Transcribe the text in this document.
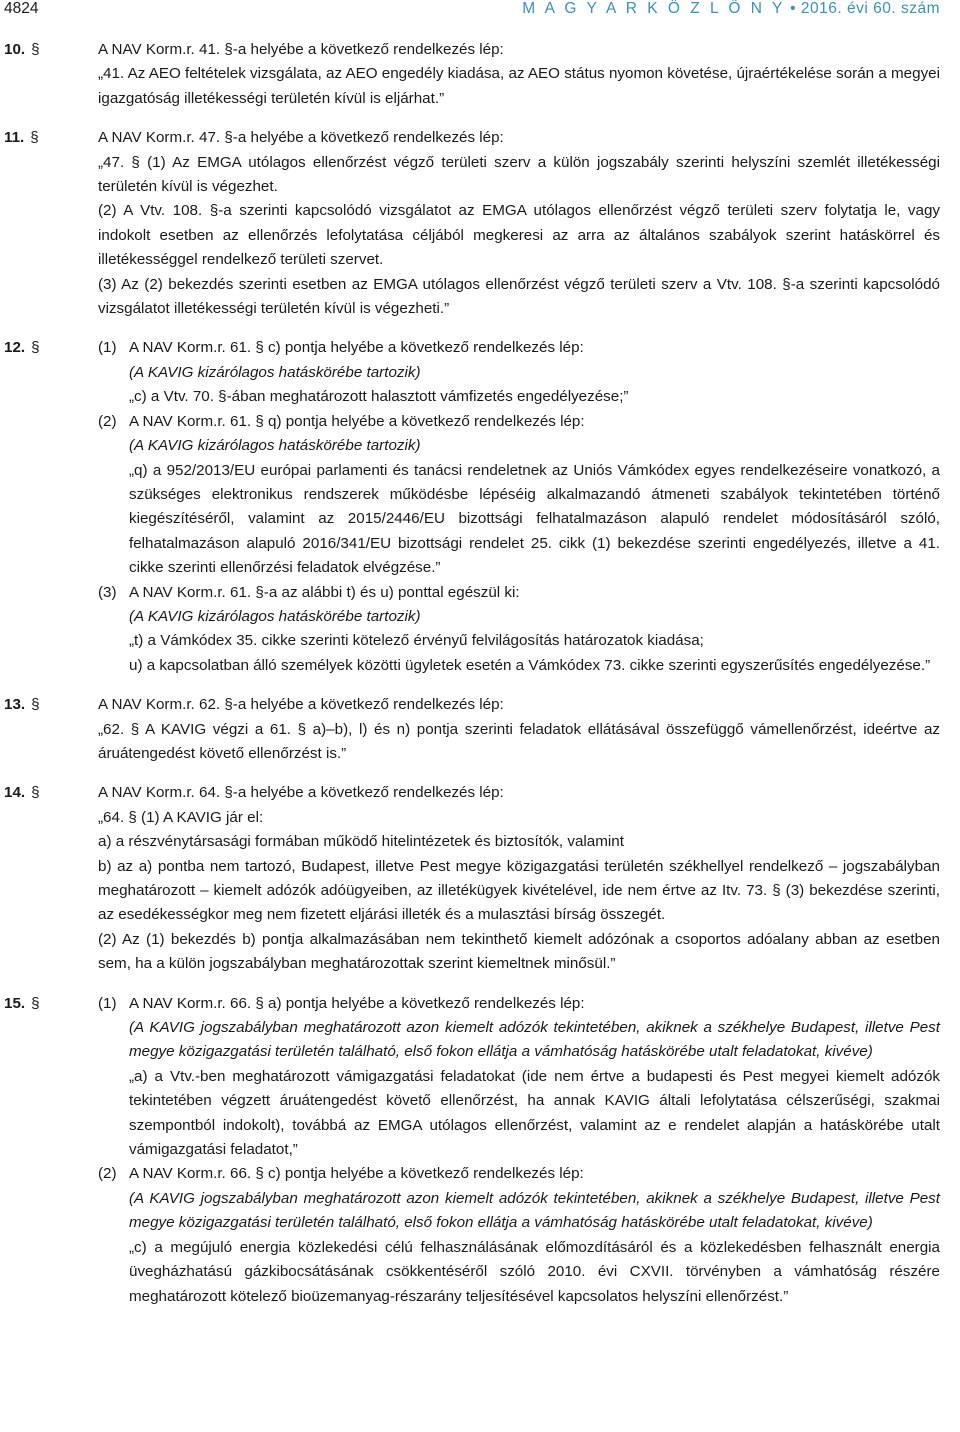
4824	M A G Y A R K Ö Z L Ö N Y • 2016. évi 60. szám
10. §	A NAV Korm.r. 41. §-a helyébe a következő rendelkezés lép:

„41. Az AEO feltételek vizsgálata, az AEO engedély kiadása, az AEO státus nyomon követése, újraértékelése során a megyei igazgatóság illetékességi területén kívül is eljárhat.”

11. §	A NAV Korm.r. 47. §-a helyébe a következő rendelkezés lép:

„47. § (1) Az EMGA utólagos ellenőrzést végző területi szerv a külön jogszabály szerinti helyszíni szemlét illetékességi területén kívül is végezhet.

(2) A Vtv. 108. §-a szerinti kapcsolódó vizsgálatot az EMGA utólagos ellenőrzést végző területi szerv folytatja le, vagy indokolt esetben az ellenőrzés lefolytatása céljából megkeresi az arra az általános szabályok szerint hatáskörrel és illetékességgel rendelkező területi szervet.

(3) Az (2) bekezdés szerinti esetben az EMGA utólagos ellenőrzést végző területi szerv a Vtv. 108. §-a szerinti kapcsolódó vizsgálatot illetékességi területén kívül is végezheti.”

12. §	(1) A NAV Korm.r. 61. § c) pontja helyébe a következő rendelkezés lép:

(A KAVIG kizárólagos hatáskörébe tartozik)

„c) a Vtv. 70. §-ában meghatározott halasztott vámfizetés engedélyezése;”

(2) A NAV Korm.r. 61. § q) pontja helyébe a következő rendelkezés lép:

(A KAVIG kizárólagos hatáskörébe tartozik)

„q) a 952/2013/EU európai parlamenti és tanácsi rendeletnek az Uniós Vámkódex egyes rendelkezéseire vonatkozó, a szükséges elektronikus rendszerek működésbe lépéséig alkalmazandó átmeneti szabályok tekintetében történő kiegészítéséről, valamint az 2015/2446/EU bizottsági felhatalmazáson alapuló rendelet módosításáról szóló, felhatalmazáson alapuló 2016/341/EU bizottsági rendelet 25. cikk (1) bekezdése szerinti engedélyezés, illetve a 41. cikke szerinti ellenőrzési feladatok elvégzése.”

(3) A NAV Korm.r. 61. §-a az alábbi t) és u) ponttal egészül ki:

(A KAVIG kizárólagos hatáskörébe tartozik)

„t) a Vámkódex 35. cikke szerinti kötelező érvényű felvilágosítás határozatok kiadása;

u) a kapcsolatban álló személyek közötti ügyletek esetén a Vámkódex 73. cikke szerinti egyszerűsítés engedélyezése.”

13. §	A NAV Korm.r. 62. §-a helyébe a következő rendelkezés lép:

„62. § A KAVIG végzi a 61. § a)–b), l) és n) pontja szerinti feladatok ellátásával összefüggő vámellenőrzést, ideértve az áruátengedést követő ellenőrzést is.”

14. §	A NAV Korm.r. 64. §-a helyébe a következő rendelkezés lép:

„64. § (1) A KAVIG jár el:

a) a részvénytársasági formában működő hitelintézetek és biztosítók, valamint

b) az a) pontba nem tartozó, Budapest, illetve Pest megye közigazgatási területén székhellyel rendelkező – jogszabályban meghatározott – kiemelt adózók adóügyeiben, az illetékügyek kivételével, ide nem értve az Itv. 73. § (3) bekezdése szerinti, az esedékességkor meg nem fizetett eljárási illeték és a mulasztási bírság összegét.

(2) Az (1) bekezdés b) pontja alkalmazásában nem tekinthető kiemelt adózónak a csoportos adóalany abban az esetben sem, ha a külön jogszabályban meghatározottak szerint kiemeltnek minősül.”

15. §	(1) A NAV Korm.r. 66. § a) pontja helyébe a következő rendelkezés lép:

(A KAVIG jogszabályban meghatározott azon kiemelt adózók tekintetében, akiknek a székhelye Budapest, illetve Pest megye közigazgatási területén található, első fokon ellátja a vámhatóság hatáskörébe utalt feladatokat, kivéve)

„a) a Vtv.-ben meghatározott vámigazgatási feladatokat (ide nem értve a budapesti és Pest megyei kiemelt adózók tekintetében végzett áruátengedést követő ellenőrzést, ha annak KAVIG általi lefolytatása célszerűségi, szakmai szempontból indokolt), továbbá az EMGA utólagos ellenőrzést, valamint az e rendelet alapján a hatáskörébe utalt vámigazgatási feladatot,”

(2) A NAV Korm.r. 66. § c) pontja helyébe a következő rendelkezés lép:

(A KAVIG jogszabályban meghatározott azon kiemelt adózók tekintetében, akiknek a székhelye Budapest, illetve Pest megye közigazgatási területén található, első fokon ellátja a vámhatóság hatáskörébe utalt feladatokat, kivéve)

„c) a megújuló energia közlekedési célú felhasználásának előmozdításáról és a közlekedésben felhasznált energia üvegházhatású gázkibocsátásának csökkentéséről szóló 2010. évi CXVII. törvényben a vámhatóság részére meghatározott kötelező bioüzemanyag-részarány teljesítésével kapcsolatos helyszíni ellenőrzést.”
